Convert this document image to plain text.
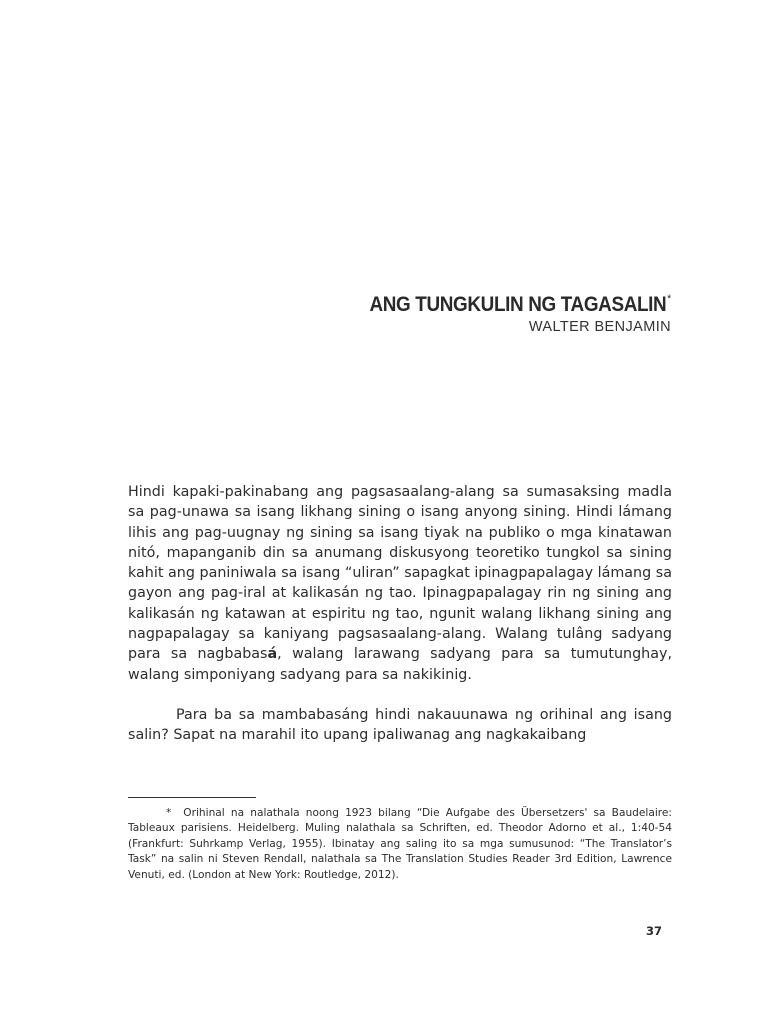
ANG TUNGKULIN NG TAGASALIN*
WALTER BENJAMIN

Hindi kapaki-pakinabang ang pagsasaalang-alang sa sumasaksing madla sa pag-unawa sa isang likhang sining o isang anyong sining. Hindi lámang lihis ang pag-uugnay ng sining sa isang tiyak na publiko o mga kinatawan nitó, mapanganib din sa anumang diskusyong teoretiko tungkol sa sining kahit ang paniniwala sa isang “uliran” sapagkat ipinagpapalagay lámang sa gayon ang pag-iral at kalikasán ng tao. Ipinagpapalagay rin ng sining ang kalikasán ng katawan at espiritu ng tao, ngunit walang likhang sining ang nagpapalagay sa kaniyang pagsasaalang-alang. Walang tulâng sadyang para sa nagbabasá, walang larawang sadyang para sa tumutunghay, walang simponiyang sadyang para sa nakikinig.

Para ba sa mambabasáng hindi nakauunawa ng orihinal ang isang salin? Sapat na marahil ito upang ipaliwanag ang nagkakaibang

* Orihinal na nalathala noong 1923 bilang “Die Aufgabe des Übersetzers' sa Baudelaire: Tableaux parisiens. Heidelberg. Muling nalathala sa Schriften, ed. Theodor Adorno et al., 1:40-54 (Frankfurt: Suhrkamp Verlag, 1955). Ibinatay ang saling ito sa mga sumusunod: “The Translator’s Task” na salin ni Steven Rendall, nalathala sa The Translation Studies Reader 3rd Edition, Lawrence Venuti, ed. (London at New York: Routledge, 2012).
37
